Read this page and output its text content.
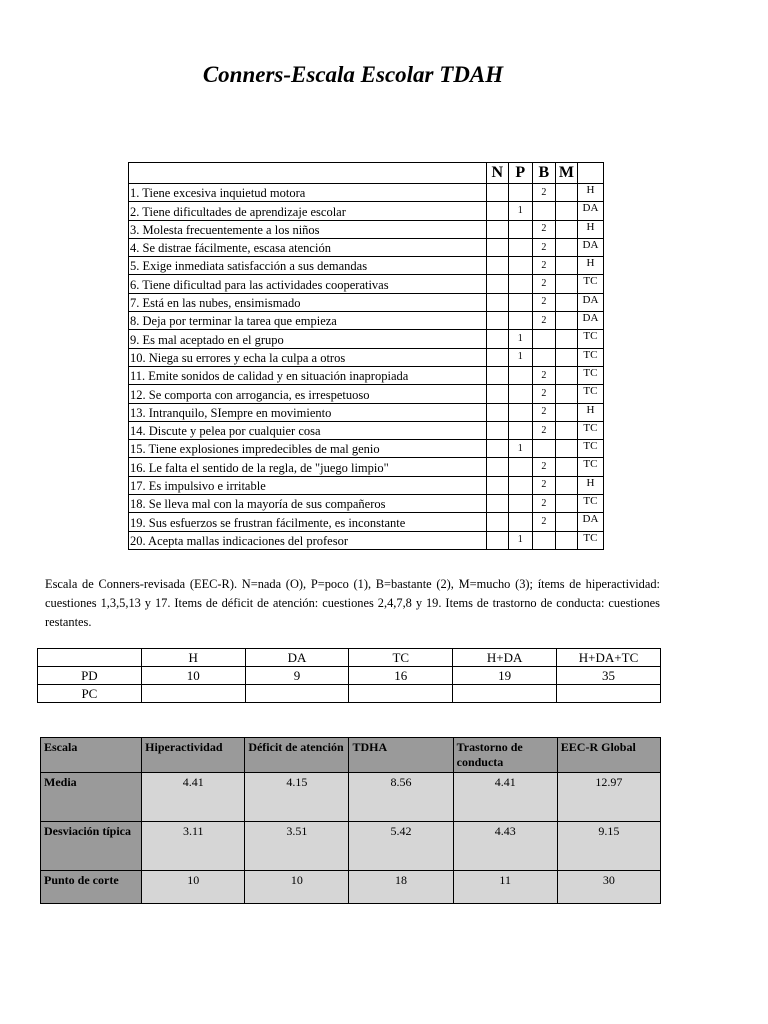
Conners-Escala Escolar TDAH
	N	P	B	M	
1. Tiene excesiva inquietud motora			2		H
2. Tiene dificultades de aprendizaje escolar		1			DA
3. Molesta frecuentemente a los niños			2		H
4. Se distrae fácilmente, escasa atención			2		DA
5. Exige inmediata satisfacción a sus demandas			2		H
6. Tiene dificultad para las actividades cooperativas			2		TC
7. Está en las nubes, ensimismado			2		DA
8. Deja por terminar la tarea que empieza			2		DA
9. Es mal aceptado en el grupo		1			TC
10. Niega su errores y echa la culpa a otros		1			TC
11. Emite sonidos de calidad y en situación inapropiada			2		TC
12. Se comporta con arrogancia, es irrespetuoso			2		TC
13. Intranquilo, SIempre en movimiento			2		H
14. Discute y pelea por cualquier cosa			2		TC
15. Tiene explosiones impredecibles de mal genio		1			TC
16. Le falta el sentido de la regla, de "juego limpio"			2		TC
17. Es impulsivo e irritable			2		H
18. Se lleva mal con la mayoría de sus compañeros			2		TC
19. Sus esfuerzos se frustran fácilmente, es inconstante			2		DA
20. Acepta mallas indicaciones del profesor		1			TC
Escala de Conners-revisada (EEC-R). N=nada (O), P=poco (1), B=bastante (2), M=mucho (3); ítems de hiperactividad: cuestiones 1,3,5,13 y 17. Items de déficit de atención: cuestiones 2,4,7,8 y 19. Items de trastorno de conducta: cuestiones restantes.
	H	DA	TC	H+DA	H+DA+TC
PD	10	9	16	19	35
PC					
Escala	Hiperactividad	Déficit de atención	TDHA	Trastorno de conducta	EEC-R Global
Media	4.41	4.15	8.56	4.41	12.97
Desviación típica	3.11	3.51	5.42	4.43	9.15
Punto de corte	10	10	18	11	30
